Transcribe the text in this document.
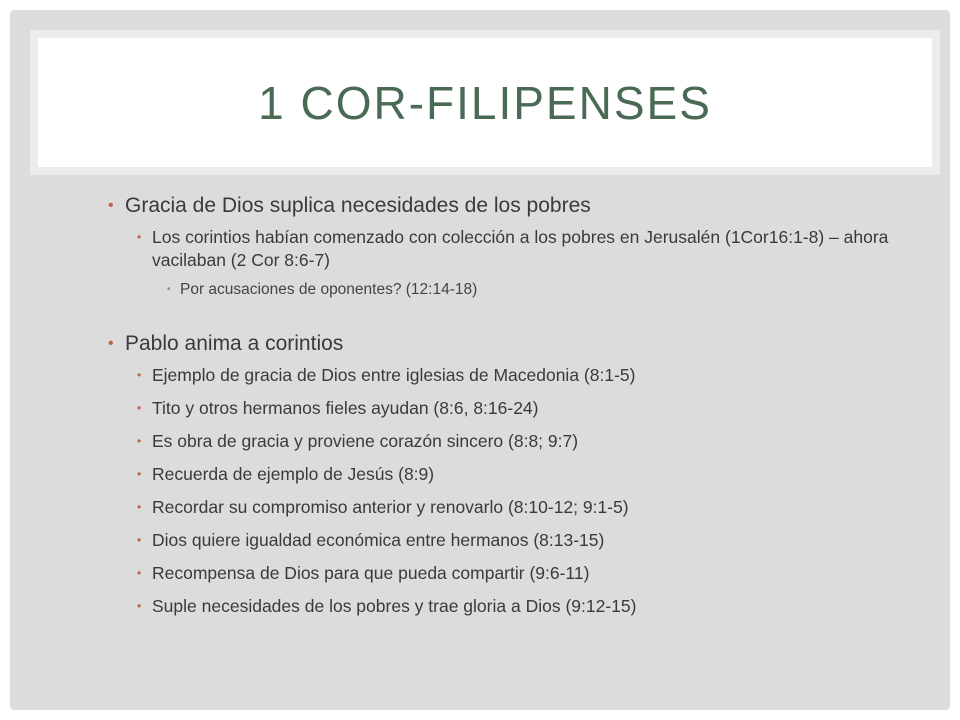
1 COR-FILIPENSES

• Gracia de Dios suplica necesidades de los pobres

• Los corintios habían comenzado con colección a los pobres en Jerusalén (1Cor16:1-8) – ahora vacilaban (2 Cor 8:6-7)

• Por acusaciones de oponentes? (12:14-18)

• Pablo anima a corintios

• Ejemplo de gracia de Dios entre iglesias de Macedonia (8:1-5)

• Tito y otros hermanos fieles ayudan (8:6, 8:16-24)

• Es obra de gracia y proviene corazón sincero (8:8; 9:7)

• Recuerda de ejemplo de Jesús (8:9)

• Recordar su compromiso anterior y renovarlo (8:10-12; 9:1-5)

• Dios quiere igualdad económica entre hermanos (8:13-15)

• Recompensa de Dios para que pueda compartir (9:6-11)

• Suple necesidades de los pobres y trae gloria a Dios (9:12-15)
